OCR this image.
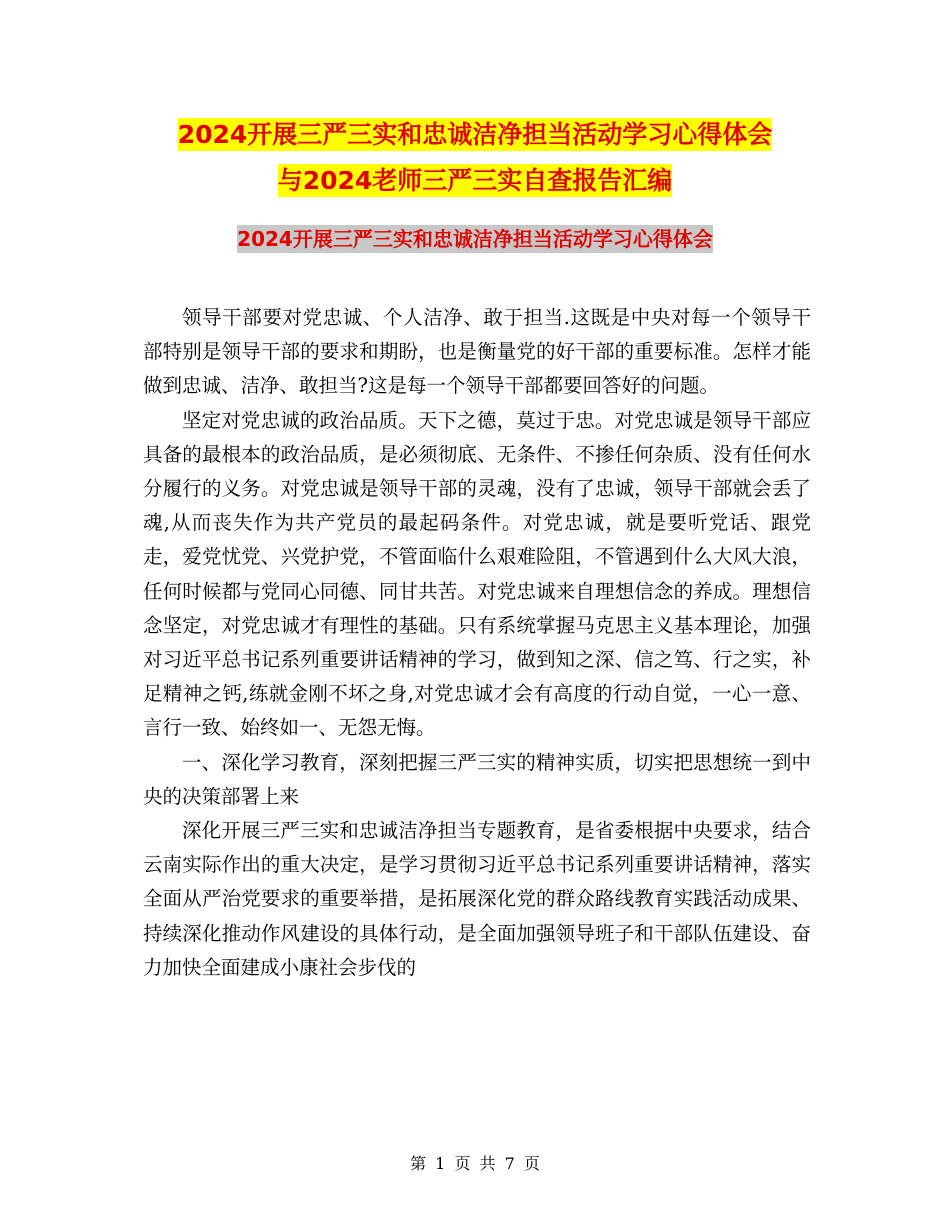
2024开展三严三实和忠诚洁净担当活动学习心得体会
与2024老师三严三实自查报告汇编
2024开展三严三实和忠诚洁净担当活动学习心得体会

领导干部要对党忠诚、个人洁净、敢于担当.这既是中央对每一个领导干部特别是领导干部的要求和期盼，也是衡量党的好干部的重要标准。怎样才能做到忠诚、洁净、敢担当?这是每一个领导干部都要回答好的问题。

坚定对党忠诚的政治品质。天下之德，莫过于忠。对党忠诚是领导干部应具备的最根本的政治品质，是必须彻底、无条件、不掺任何杂质、没有任何水分履行的义务。对党忠诚是领导干部的灵魂，没有了忠诚，领导干部就会丢了魂,从而丧失作为共产党员的最起码条件。对党忠诚，就是要听党话、跟党走，爱党忧党、兴党护党，不管面临什么艰难险阻，不管遇到什么大风大浪，任何时候都与党同心同德、同甘共苦。对党忠诚来自理想信念的养成。理想信念坚定，对党忠诚才有理性的基础。只有系统掌握马克思主义基本理论，加强对习近平总书记系列重要讲话精神的学习，做到知之深、信之笃、行之实，补足精神之钙,练就金刚不坏之身,对党忠诚才会有高度的行动自觉，一心一意、言行一致、始终如一、无怨无悔。

一、深化学习教育，深刻把握三严三实的精神实质，切实把思想统一到中央的决策部署上来

深化开展三严三实和忠诚洁净担当专题教育，是省委根据中央要求，结合云南实际作出的重大决定，是学习贯彻习近平总书记系列重要讲话精神，落实全面从严治党要求的重要举措，是拓展深化党的群众路线教育实践活动成果、持续深化推动作风建设的具体行动，是全面加强领导班子和干部队伍建设、奋力加快全面建成小康社会步伐的

第 1 页 共 7 页
